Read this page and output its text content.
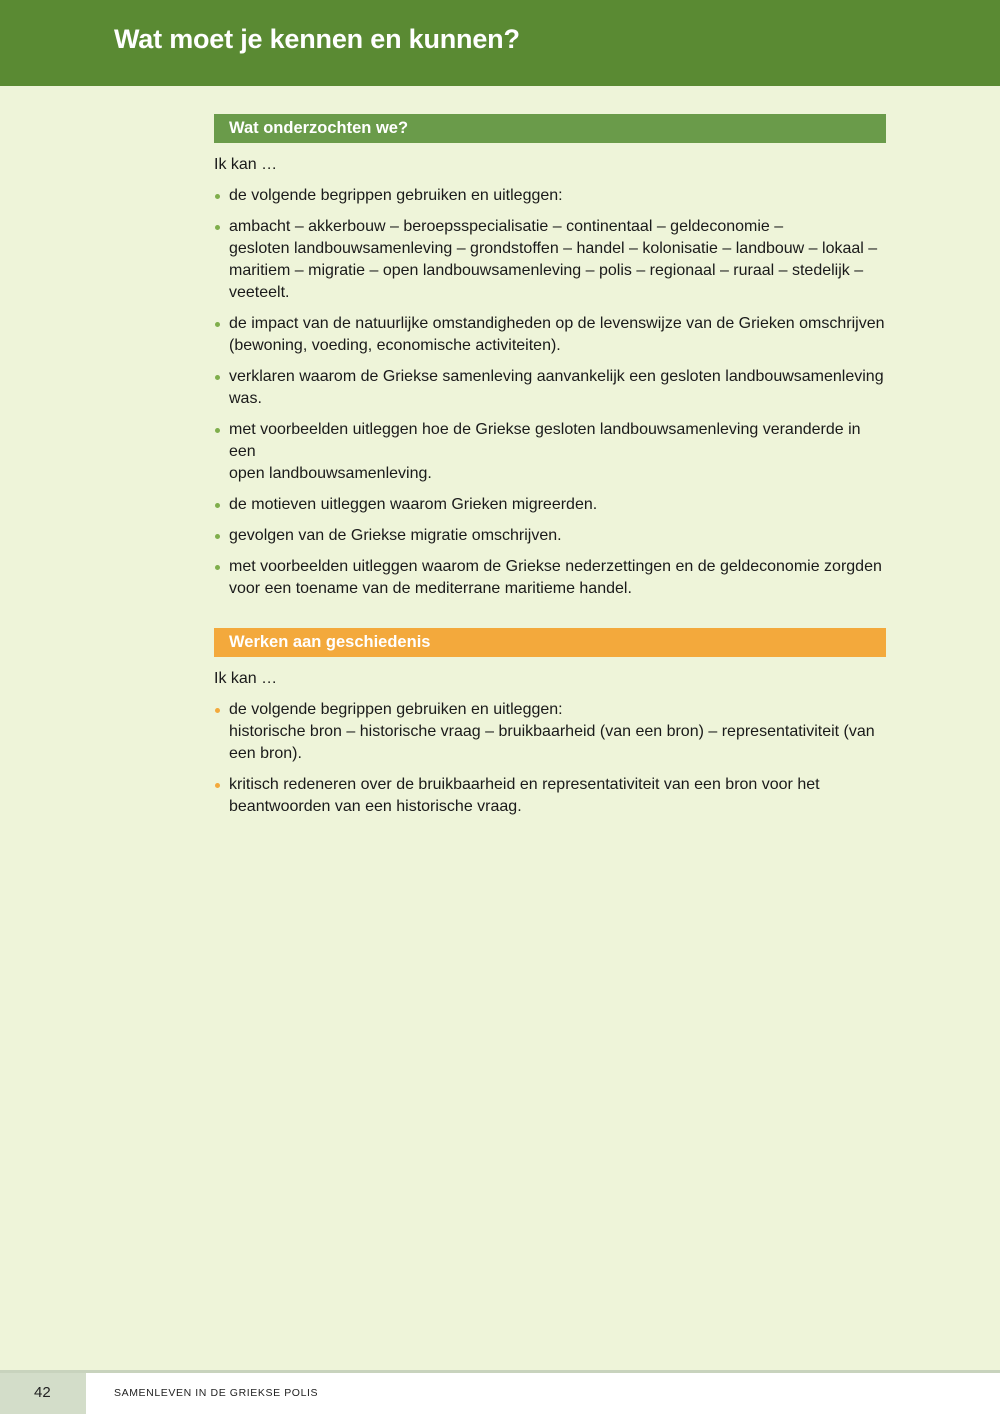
Wat moet je kennen en kunnen?
Wat onderzochten we?
Ik kan …
de volgende begrippen gebruiken en uitleggen:
ambacht – akkerbouw – beroepsspecialisatie – continentaal – geldeconomie –
gesloten landbouwsamenleving – grondstoffen – handel – kolonisatie – landbouw – lokaal –
maritiem – migratie – open landbouwsamenleving – polis – regionaal – ruraal – stedelijk –
veeteelt.
de impact van de natuurlijke omstandigheden op de levenswijze van de Grieken omschrijven
(bewoning, voeding, economische activiteiten).
verklaren waarom de Griekse samenleving aanvankelijk een gesloten landbouwsamenleving was.
met voorbeelden uitleggen hoe de Griekse gesloten landbouwsamenleving veranderde in een
open landbouwsamenleving.
de motieven uitleggen waarom Grieken migreerden.
gevolgen van de Griekse migratie omschrijven.
met voorbeelden uitleggen waarom de Griekse nederzettingen en de geldeconomie zorgden
voor een toename van de mediterrane maritieme handel.
Werken aan geschiedenis
Ik kan …
de volgende begrippen gebruiken en uitleggen:
historische bron – historische vraag – bruikbaarheid (van een bron) – representativiteit (van
een bron).
kritisch redeneren over de bruikbaarheid en representativiteit van een bron voor het
beantwoorden van een historische vraag.
42	SAMENLEVEN IN DE GRIEKSE POLIS
